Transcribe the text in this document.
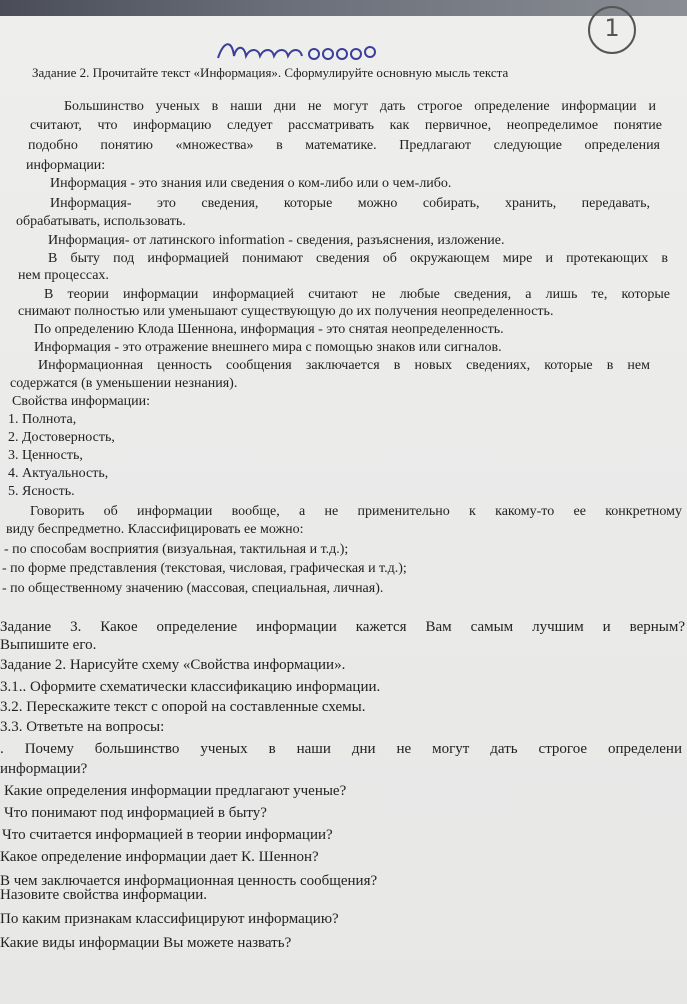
1
Задание 2. Прочитайте текст «Информация». Сформулируйте основную мысль текста
Большинство ученых в наши дни не могут дать строгое определение информации и
считают, что информацию следует рассматривать как первичное, неопределимое понятие
подобно понятию «множества» в математике. Предлагают следующие определения
информации:
Информация - это знания или сведения о ком-либо или о чем-либо.
Информация- это сведения, которые можно собирать, хранить, передавать,
обрабатывать, использовать.
Информация- от латинского information - сведения, разъяснения, изложение.
В быту под информацией понимают сведения об окружающем мире и протекающих в
нем процессах.
В теории информации информацией считают не любые сведения, а лишь те, которые
снимают полностью или уменьшают существующую до их получения неопределенность.
По определению Клода Шеннона, информация - это снятая неопределенность.
Информация - это отражение внешнего мира с помощью знаков или сигналов.
Информационная ценность сообщения заключается в новых сведениях, которые в нем
содержатся (в уменьшении незнания).
Свойства информации:
1. Полнота,
2. Достоверность,
3. Ценность,
4. Актуальность,
5. Ясность.
Говорить об информации вообще, а не применительно к какому-то ее конкретному
виду беспредметно. Классифицировать ее можно:
- по способам восприятия (визуальная, тактильная и т.д.);
- по форме представления (текстовая, числовая, графическая и т.д.);
- по общественному значению (массовая, специальная, личная).
Задание 3. Какое определение информации кажется Вам самым лучшим и верным?
Выпишите его.
Задание 2. Нарисуйте схему «Свойства информации».
3.1.. Оформите схематически классификацию информации.
3.2. Перескажите текст с опорой на составленные схемы.
3.3. Ответьте на вопросы:
. Почему большинство ученых в наши дни не могут дать строгое определени
информации?
Какие определения информации предлагают ученые?
Что понимают под информацией в быту?
Что считается информацией в теории информации?
Какое определение информации дает К. Шеннон?
В чем заключается информационная ценность сообщения?
Назовите свойства информации.
По каким признакам классифицируют информацию?
Какие виды информации Вы можете назвать?
